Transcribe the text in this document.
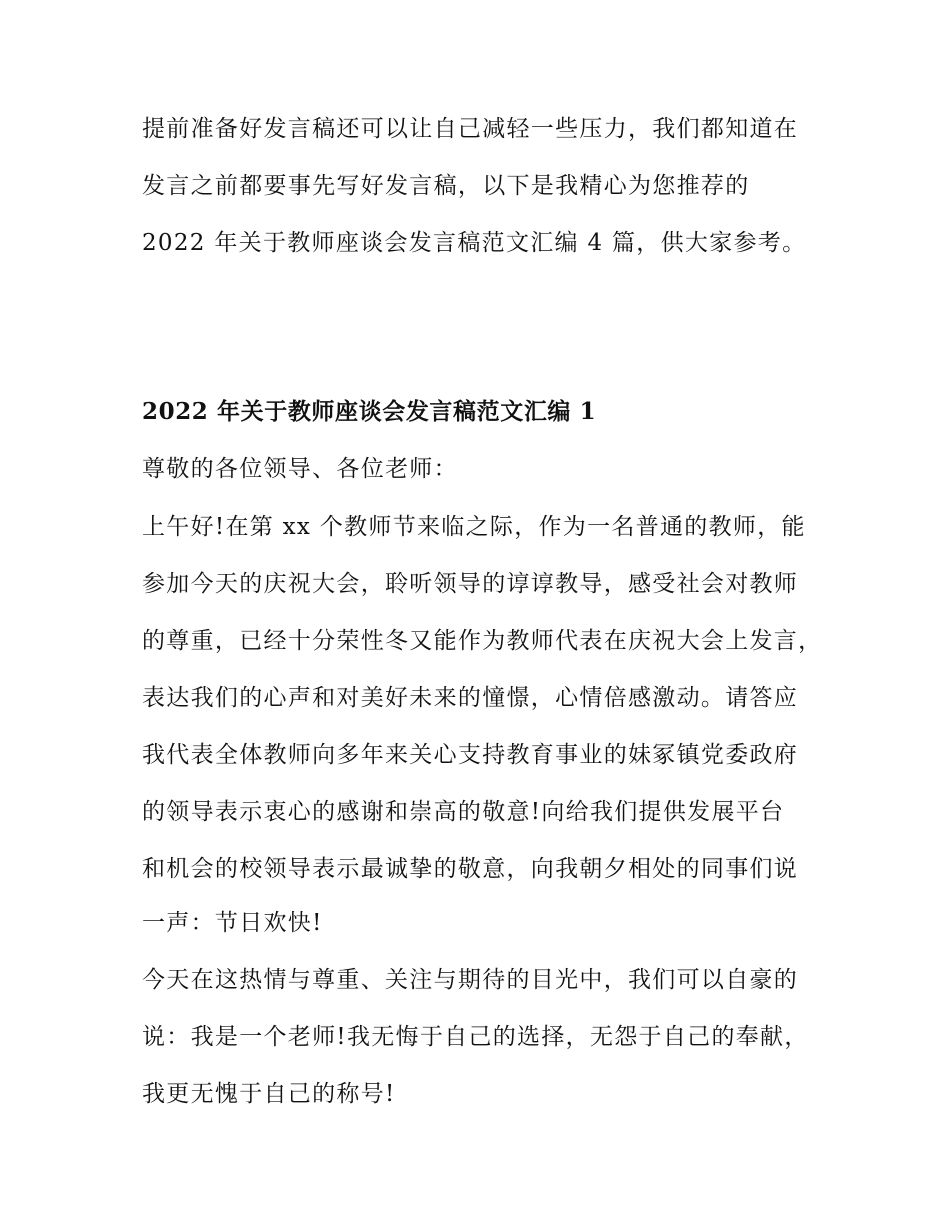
提前准备好发言稿还可以让自己减轻一些压力，我们都知道在
发言之前都要事先写好发言稿，以下是我精心为您推荐的
2022 年关于教师座谈会发言稿范文汇编 4 篇，供大家参考。
2022 年关于教师座谈会发言稿范文汇编 1
尊敬的各位领导、各位老师：
上午好!在第 xx 个教师节来临之际，作为一名普通的教师，能
参加今天的庆祝大会，聆听领导的谆谆教导，感受社会对教师
的尊重，已经十分荣性冬又能作为教师代表在庆祝大会上发言，
表达我们的心声和对美好未来的憧憬，心情倍感激动。请答应
我代表全体教师向多年来关心支持教育事业的妹冢镇党委政府
的领导表示衷心的感谢和崇高的敬意!向给我们提供发展平台
和机会的校领导表示最诚挚的敬意，向我朝夕相处的同事们说
一声：节日欢快!
今天在这热情与尊重、关注与期待的目光中，我们可以自豪的
说：我是一个老师!我无悔于自己的选择，无怨于自己的奉献，
我更无愧于自己的称号!
